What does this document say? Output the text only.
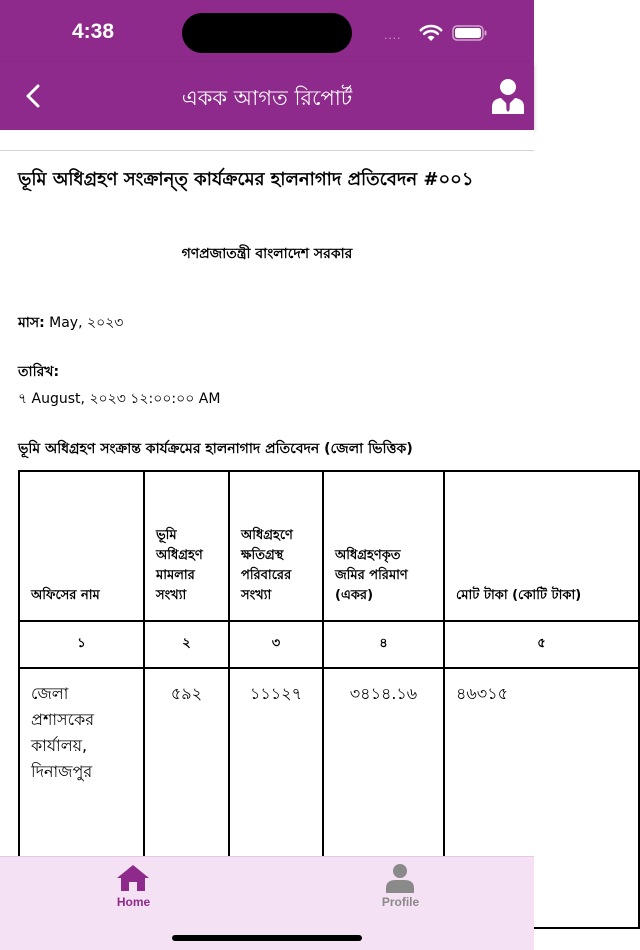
4:38	....
একক আগত রিপোর্ট
ভূমি অধিগ্রহণ সংক্রান্ত্ কার্যক্রমের হালনাগাদ প্রতিবেদন #০০১
গণপ্রজাতন্ত্রী বাংলাদেশ সরকার
মাস: May, ২০২৩
তারিখ:
৭ August, ২০২৩ ১২:০০:০০ AM
ভূমি অধিগ্রহণ সংক্রান্ত কার্যক্রমের হালনাগাদ প্রতিবেদন (জেলা ভিত্তিক)
অফিসের নাম	ভূমি অধিগ্রহণ মামলার সংখ্যা	অধিগ্রহণে ক্ষতিগ্রস্থ পরিবারের সংখ্যা	অধিগ্রহণকৃত জমির পরিমাণ (একর)	মোট টাকা (কোটি টাকা)
১	২	৩	৪	৫
জেলা প্রশাসকের কার্যালয়, দিনাজপুর	৫৯২	১১১২৭	৩৪১৪.১৬	৪৬৩১৫
Home	Profile
